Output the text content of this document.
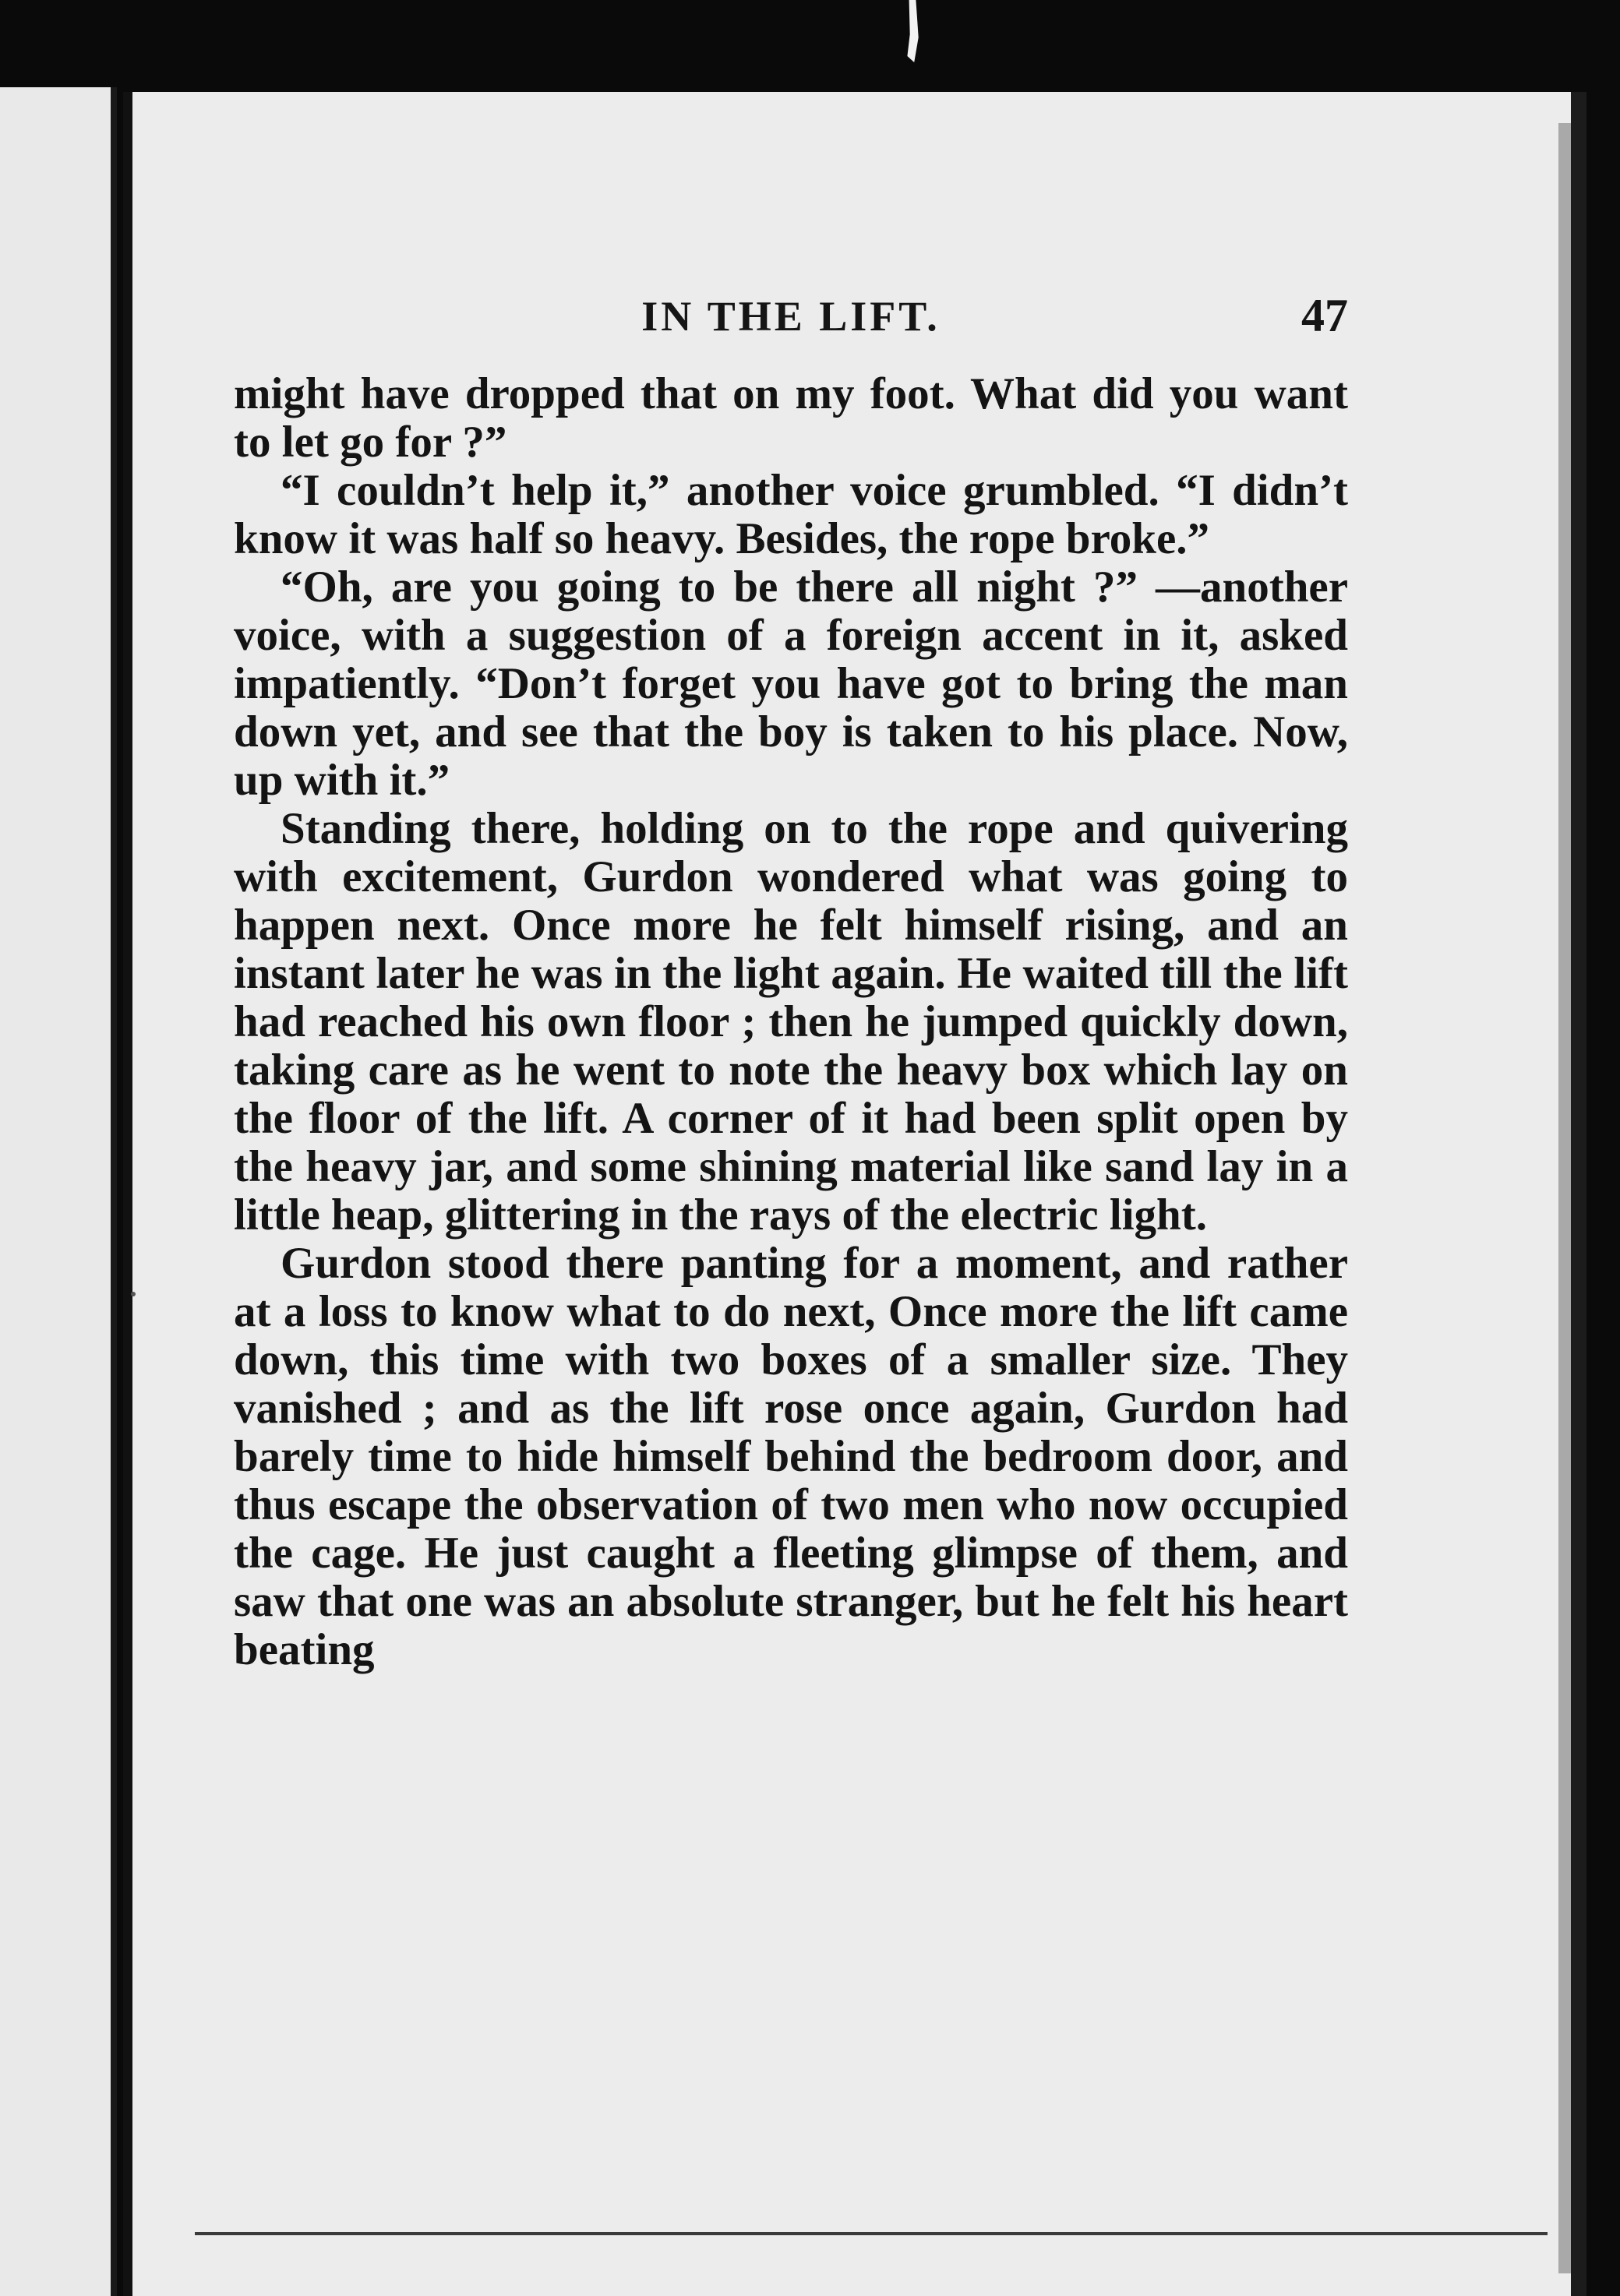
IN THE LIFT.	47

might have dropped that on my foot. What did you want to let go for ?”

“I couldn’t help it,” another voice grumbled. “I didn’t know it was half so heavy. Besides, the rope broke.”

“Oh, are you going to be there all night ?” —another voice, with a suggestion of a foreign accent in it, asked impatiently. “Don’t forget you have got to bring the man down yet, and see that the boy is taken to his place. Now, up with it.”

Standing there, holding on to the rope and quivering with excitement, Gurdon wondered what was going to happen next. Once more he felt himself rising, and an instant later he was in the light again. He waited till the lift had reached his own floor ; then he jumped quickly down, taking care as he went to note the heavy box which lay on the floor of the lift. A corner of it had been split open by the heavy jar, and some shining material like sand lay in a little heap, glittering in the rays of the electric light.

Gurdon stood there panting for a moment, and rather at a loss to know what to do next, Once more the lift came down, this time with two boxes of a smaller size. They vanished ; and as the lift rose once again, Gurdon had barely time to hide himself behind the bedroom door, and thus escape the observation of two men who now occupied the cage. He just caught a fleeting glimpse of them, and saw that one was an absolute stranger, but he felt his heart beating
